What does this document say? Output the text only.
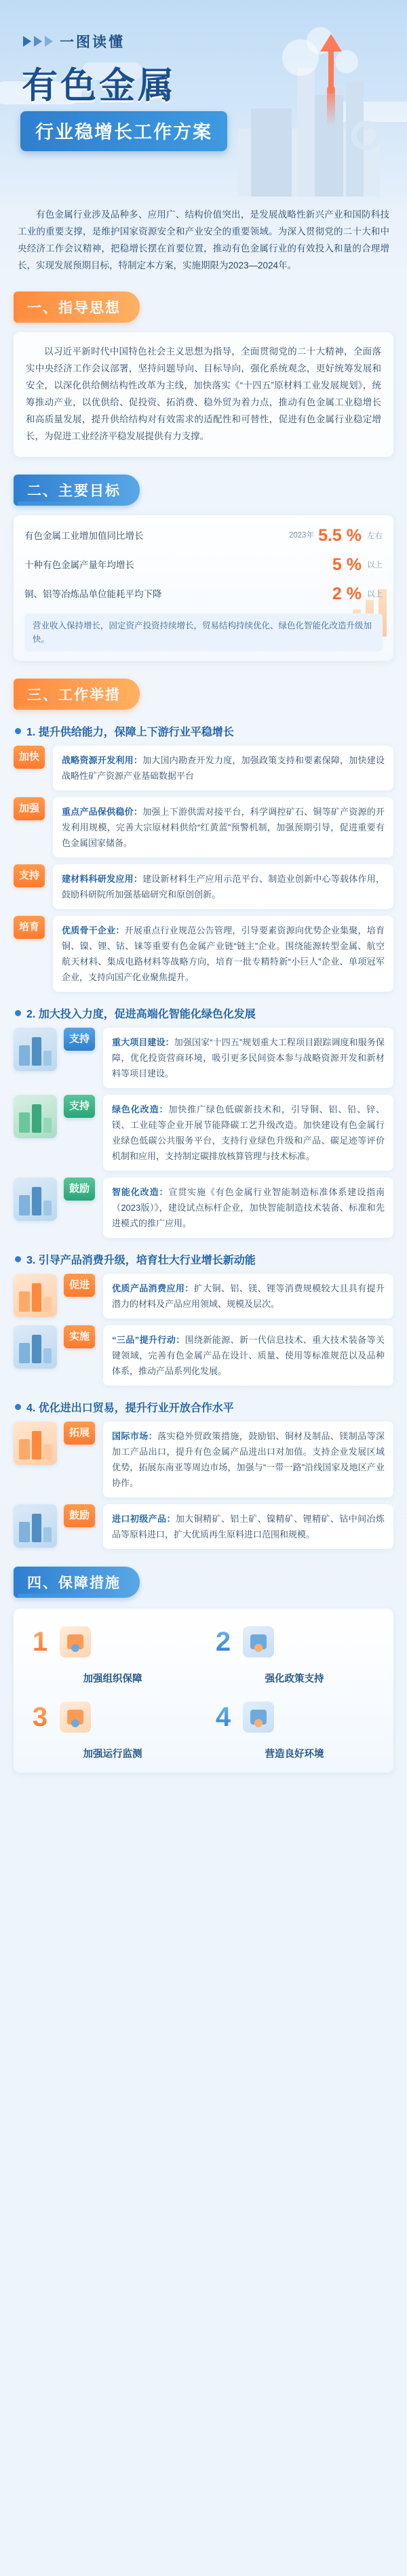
一图读懂
有色金属
行业稳增长工作方案
有色金属行业涉及品种多、应用广、结构价值突出，是发展战略性新兴产业和国防科技工业的重要支撑，是维护国家资源安全和产业安全的重要领域。为深入贯彻党的二十大和中央经济工作会议精神，把稳增长摆在首要位置，推动有色金属行业的有效投入和量的合理增长，实现发展预期目标，特制定本方案，实施期限为2023—2024年。
一、指导思想
以习近平新时代中国特色社会主义思想为指导，全面贯彻党的二十大精神，全面落实中央经济工作会议部署，坚持问题导向、目标导向，强化系统观念，更好统筹发展和安全，以深化供给侧结构性改革为主线，加快落实《“十四五”原材料工业发展规划》，统筹推动产业，以优供给、促投资、拓消费、稳外贸为着力点，推动有色金属工业稳增长和高质量发展，提升供给结构对有效需求的适配性和可替性，促进有色金属行业稳定增长，为促进工业经济平稳发展提供有力支撑。
二、主要目标
有色金属工业增加值同比增长	2023年 5.5 % 左右
十种有色金属产量年均增长	5 % 以上
铜、铝等冶炼品单位能耗平均下降	2 % 以上
营业收入保持增长，固定资产投资持续增长，贸易结构持续优化、绿色化智能化改造升级加快。
三、工作举措
1. 提升供给能力，保障上下游行业平稳增长
加快	战略资源开发利用：加大国内勘查开发力度，加强政策支持和要素保障，加快建设战略性矿产资源产业基础数据平台
加强	重点产品保供稳价：加强上下游供需对接平台，科学调控矿石、铜等矿产资源的开发利用规模，完善大宗原材料供给“红黄蓝”预警机制，加强预期引导，促进重要有色金属国家储备。
支持	建材料科研发应用：建设新材料生产应用示范平台、制造业创新中心等载体作用，鼓励科研院所加强基础研究和原创创新。
培育	优质骨干企业：开展重点行业规范公告管理，引导要素资源向优势企业集聚，培育铜、镍、锂、钴、铼等重要有色金属产业链“链主”企业。围绕能源转型金属、航空航天材料、集成电路材料等战略方向，培育一批专精特新“小巨人”企业、单项冠军企业，支持向国产化业聚焦提升。
2. 加大投入力度，促进高端化智能化绿色化发展
支持	重大项目建设：加强国家“十四五”规划重大工程项目跟踪调度和服务保障，优化投资营商环境，吸引更多民间资本参与战略资源开发和新材料等项目建设。
支持	绿色化改造：加快推广绿色低碳新技术和，引导铜、铝、铅、锌、镁、工业硅等企业开展节能降碳工艺升级改造。加快建设有色金属行业绿色低碳公共服务平台，支持行业绿色升级和产品、碳足迹等评价机制和应用，支持制定碳排放核算管理与技术标准。
鼓励	智能化改造：宣贯实施《有色金属行业智能制造标准体系建设指南（2023版）》，建设试点标杆企业，加快智能制造技术装备、标准和先进模式的推广应用。
3. 引导产品消费升级，培育壮大行业增长新动能
促进	优质产品消费应用：扩大铜、铝、镁、锂等消费规模较大且具有提升潜力的材料及产品应用领域、规模及层次。
实施	“三品”提升行动：围绕新能源、新一代信息技术、重大技术装备等关键领域，完善有色金属产品在设计、质量、使用等标准规范以及品种体系，推动产品系列化发展。
4. 优化进出口贸易，提升行业开放合作水平
拓展	国际市场：落实稳外贸政策措施，鼓励铝、铜材及制品、镁制品等深加工产品出口，提升有色金属产品进出口对加值。支持企业发展区域优势，拓展东南亚等周边市场，加强与“一带一路”沿线国家及地区产业协作。
鼓励	进口初级产品：加大铜精矿、铝土矿、镍精矿、锂精矿、钴中间冶炼品等原料进口，扩大优质再生原料进口范围和规模。
四、保障措施
1	2
加强组织保障	强化政策支持
3	4
加强运行监测	营造良好环境
